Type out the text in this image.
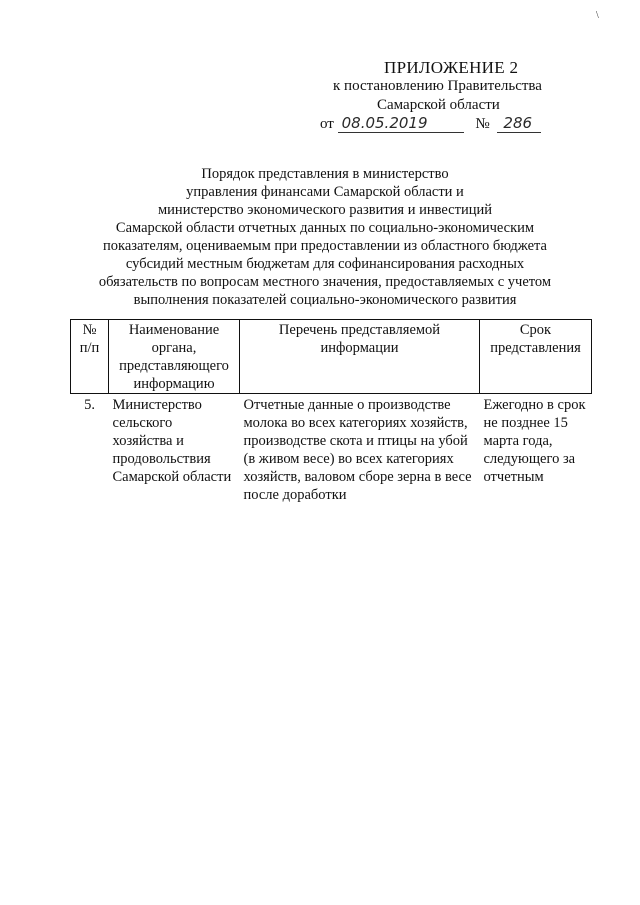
\
ПРИЛОЖЕНИЕ 2
к постановлению Правительства
Самарской области
от 08.05.2019	№ 286
Порядок представления в министерство
управления финансами Самарской области и
министерство экономического развития и инвестиций
Самарской области отчетных данных по социально-экономическим
показателям, оцениваемым при предоставлении из областного бюджета
субсидий местным бюджетам для софинансирования расходных
обязательств по вопросам местного значения, предоставляемых с учетом
выполнения показателей социально-экономического развития
№ п/п	Наименование органа, представляющего информацию	Перечень представляемой информации	Срок представления
5.	Министерство сельского хозяйства и продовольствия Самарской области	Отчетные данные о производстве молока во всех категориях хозяйств, производстве скота и птицы на убой (в живом весе) во всех категориях хозяйств, валовом сборе зерна в весе после доработки	Ежегодно в срок не позднее 15 марта года, следующего за отчетным
